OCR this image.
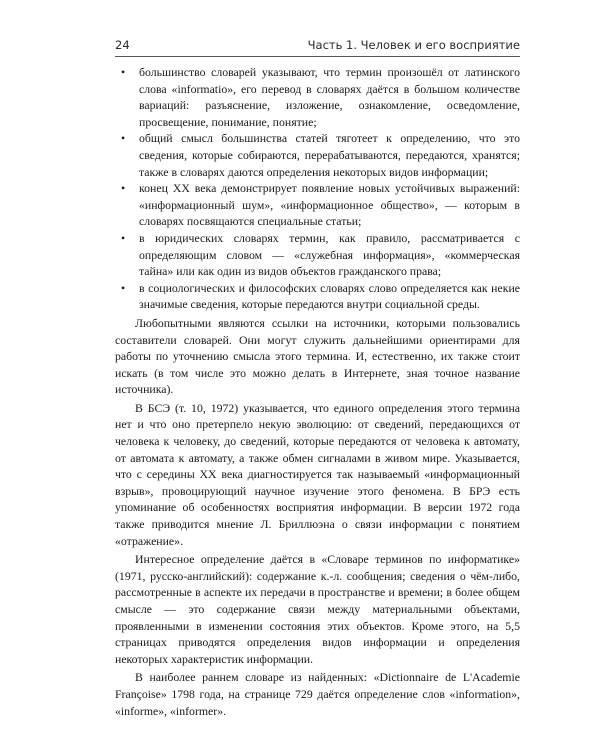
24	Часть 1. Человек и его восприятие
• большинство словарей указывают, что термин произошёл от латинского слова «informatio», его перевод в словарях даётся в большом количестве вариаций: разъяснение, изложение, ознакомление, осведомление, просвещение, понимание, понятие;
• общий смысл большинства статей тяготеет к определению, что это сведения, которые собираются, перерабатываются, передаются, хранятся; также в словарях даются определения некоторых видов информации;
• конец XX века демонстрирует появление новых устойчивых выражений: «информационный шум», «информационное общество», — которым в словарях посвящаются специальные статьи;
• в юридических словарях термин, как правило, рассматривается с определяющим словом — «служебная информация», «коммерческая тайна» или как один из видов объектов гражданского права;
• в социологических и философских словарях слово определяется как некие значимые сведения, которые передаются внутри социальной среды.

Любопытными являются ссылки на источники, которыми пользовались составители словарей. Они могут служить дальнейшими ориентирами для работы по уточнению смысла этого термина. И, естественно, их также стоит искать (в том числе это можно делать в Интернете, зная точное название источника).

В БСЭ (т. 10, 1972) указывается, что единого определения этого термина нет и что оно претерпело некую эволюцию: от сведений, передающихся от человека к человеку, до сведений, которые передаются от человека к автомату, от автомата к автомату, а также обмен сигналами в живом мире. Указывается, что с середины XX века диагностируется так называемый «информационный взрыв», провоцирующий научное изучение этого феномена. В БРЭ есть упоминание об особенностях восприятия информации. В версии 1972 года также приводится мнение Л. Бриллюэна о связи информации с понятием «отражение».

Интересное определение даётся в «Словаре терминов по информатике» (1971, русско-английский): содержание к.-л. сообщения; сведения о чём-либо, рассмотренные в аспекте их передачи в пространстве и времени; в более общем смысле — это содержание связи между материальными объектами, проявленными в изменении состояния этих объектов. Кроме этого, на 5,5 страницах приводятся определения видов информации и определения некоторых характеристик информации.

В наиболее раннем словаре из найденных: «Dictionnaire de L'Academie Françoise» 1798 года, на странице 729 даётся определение слов «information», «informe», «informer».
